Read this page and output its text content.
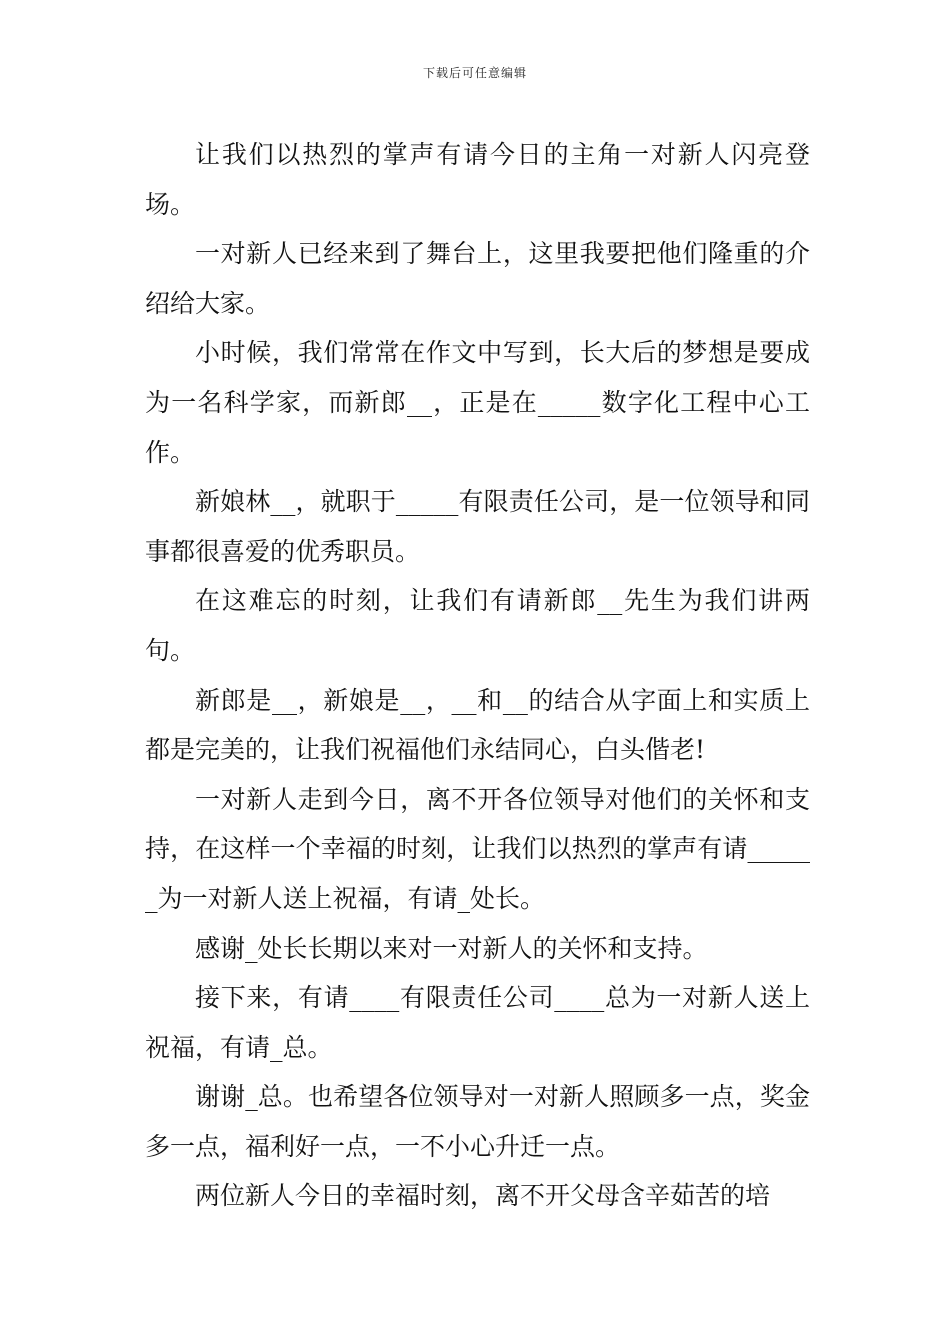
下载后可任意编辑

让我们以热烈的掌声有请今日的主角一对新人闪亮登场。

一对新人已经来到了舞台上，这里我要把他们隆重的介绍给大家。

小时候，我们常常在作文中写到，长大后的梦想是要成为一名科学家，而新郎__，正是在_____数字化工程中心工作。

新娘林__，就职于_____有限责任公司，是一位领导和同事都很喜爱的优秀职员。

在这难忘的时刻，让我们有请新郎__先生为我们讲两句。

新郎是__，新娘是__，__和__的结合从字面上和实质上都是完美的，让我们祝福他们永结同心，白头偕老!

一对新人走到今日，离不开各位领导对他们的关怀和支持，在这样一个幸福的时刻，让我们以热烈的掌声有请______为一对新人送上祝福，有请_处长。

感谢_处长长期以来对一对新人的关怀和支持。

接下来，有请____有限责任公司____总为一对新人送上祝福，有请_总。

谢谢_总。也希望各位领导对一对新人照顾多一点，奖金多一点，福利好一点，一不小心升迁一点。

两位新人今日的幸福时刻，离不开父母含辛茹苦的培
